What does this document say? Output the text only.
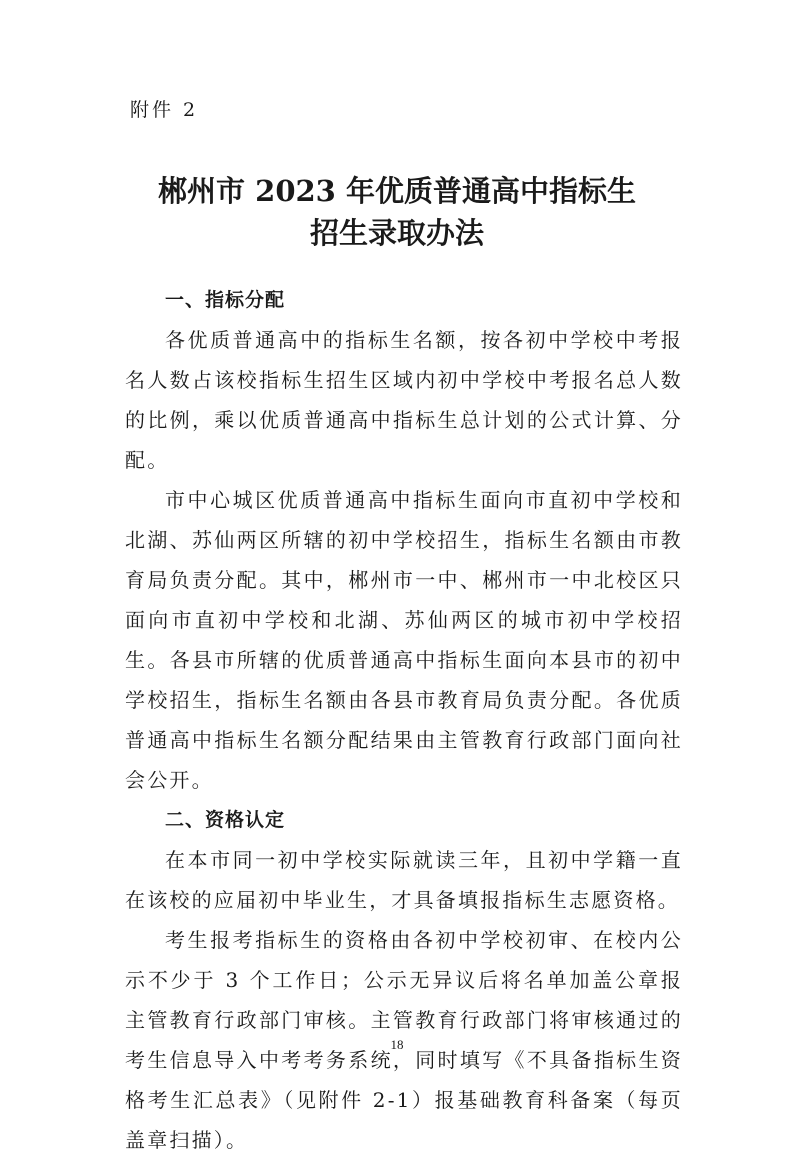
附件 2
郴州市 2023 年优质普通高中指标生
招生录取办法

一、指标分配

各优质普通高中的指标生名额，按各初中学校中考报名人数占该校指标生招生区域内初中学校中考报名总人数的比例，乘以优质普通高中指标生总计划的公式计算、分配。

市中心城区优质普通高中指标生面向市直初中学校和北湖、苏仙两区所辖的初中学校招生，指标生名额由市教育局负责分配。其中，郴州市一中、郴州市一中北校区只面向市直初中学校和北湖、苏仙两区的城市初中学校招生。各县市所辖的优质普通高中指标生面向本县市的初中学校招生，指标生名额由各县市教育局负责分配。各优质普通高中指标生名额分配结果由主管教育行政部门面向社会公开。

二、资格认定

在本市同一初中学校实际就读三年，且初中学籍一直在该校的应届初中毕业生，才具备填报指标生志愿资格。

考生报考指标生的资格由各初中学校初审、在校内公示不少于 3 个工作日；公示无异议后将名单加盖公章报主管教育行政部门审核。主管教育行政部门将审核通过的考生信息导入中考考务系统，同时填写《不具备指标生资格考生汇总表》（见附件 2-1）报基础教育科备案（每页盖章扫描）。

18
